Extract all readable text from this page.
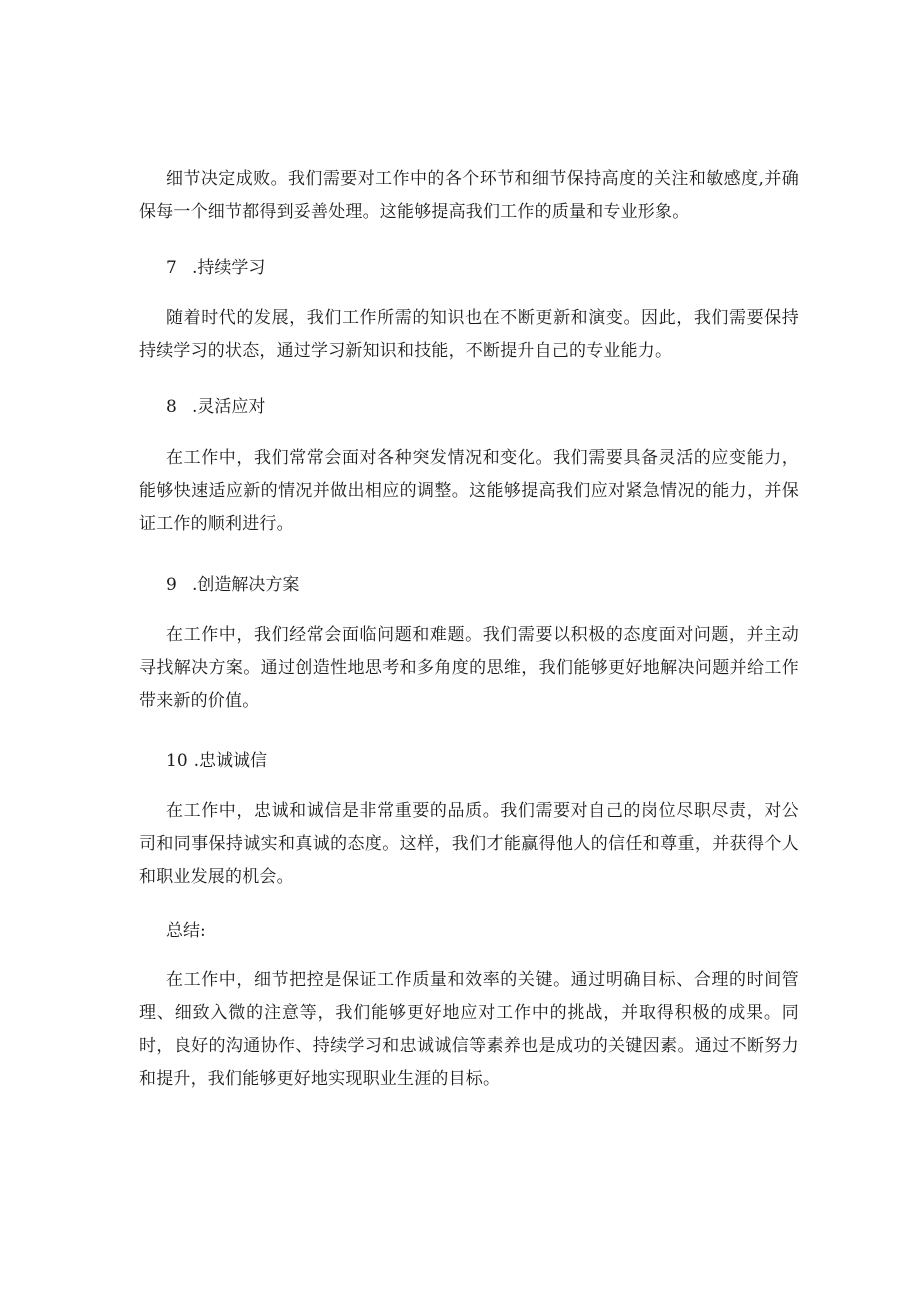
细节决定成败。我们需要对工作中的各个环节和细节保持高度的关注和敏感度,并确保每一个细节都得到妥善处理。这能够提高我们工作的质量和专业形象。

7 .持续学习

随着时代的发展，我们工作所需的知识也在不断更新和演变。因此，我们需要保持持续学习的状态，通过学习新知识和技能，不断提升自己的专业能力。

8 .灵活应对

在工作中，我们常常会面对各种突发情况和变化。我们需要具备灵活的应变能力，能够快速适应新的情况并做出相应的调整。这能够提高我们应对紧急情况的能力，并保证工作的顺利进行。

9 .创造解决方案

在工作中，我们经常会面临问题和难题。我们需要以积极的态度面对问题，并主动寻找解决方案。通过创造性地思考和多角度的思维，我们能够更好地解决问题并给工作带来新的价值。

10 .忠诚诚信

在工作中，忠诚和诚信是非常重要的品质。我们需要对自己的岗位尽职尽责，对公司和同事保持诚实和真诚的态度。这样，我们才能赢得他人的信任和尊重，并获得个人和职业发展的机会。

总结:

在工作中，细节把控是保证工作质量和效率的关键。通过明确目标、合理的时间管理、细致入微的注意等，我们能够更好地应对工作中的挑战，并取得积极的成果。同时，良好的沟通协作、持续学习和忠诚诚信等素养也是成功的关键因素。通过不断努力和提升，我们能够更好地实现职业生涯的目标。
